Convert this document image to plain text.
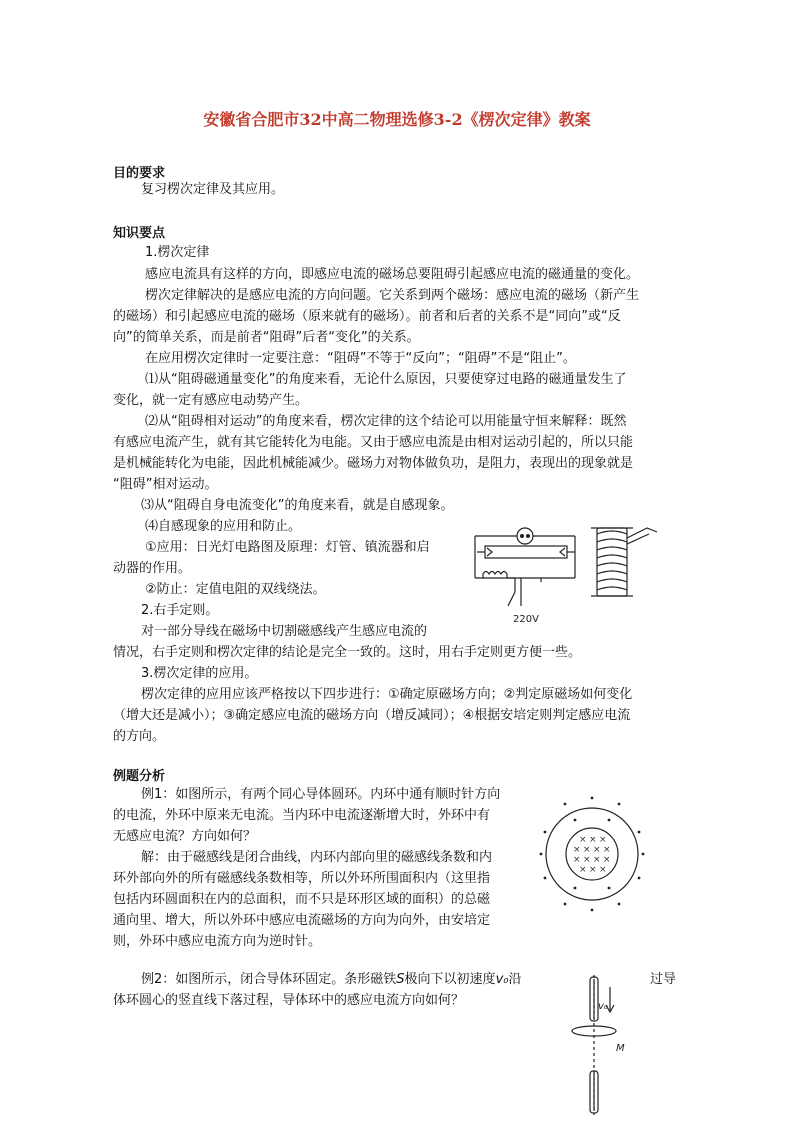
安徽省合肥市32中高二物理选修3-2《楞次定律》教案
目的要求
复习楞次定律及其应用。
知识要点
1.楞次定律
感应电流具有这样的方向，即感应电流的磁场总要阻碍引起感应电流的磁通量的变化。
楞次定律解决的是感应电流的方向问题。它关系到两个磁场：感应电流的磁场（新产生
的磁场）和引起感应电流的磁场（原来就有的磁场）。前者和后者的关系不是“同向”或“反
向”的简单关系，而是前者“阻碍”后者“变化”的关系。
在应用楞次定律时一定要注意：“阻碍”不等于“反向”；“阻碍”不是“阻止”。
⑴从“阻碍磁通量变化”的角度来看，无论什么原因，只要使穿过电路的磁通量发生了
变化，就一定有感应电动势产生。
⑵从“阻碍相对运动”的角度来看，楞次定律的这个结论可以用能量守恒来解释：既然
有感应电流产生，就有其它能转化为电能。又由于感应电流是由相对运动引起的，所以只能
是机械能转化为电能，因此机械能减少。磁场力对物体做负功，是阻力，表现出的现象就是
“阻碍”相对运动。
⑶从“阻碍自身电流变化”的角度来看，就是自感现象。
⑷自感现象的应用和防止。
①应用：日光灯电路图及原理：灯管、镇流器和启
动器的作用。
②防止：定值电阻的双线绕法。
2.右手定则。
对一部分导线在磁场中切割磁感线产生感应电流的
情况，右手定则和楞次定律的结论是完全一致的。这时，用右手定则更方便一些。
3.楞次定律的应用。
楞次定律的应用应该严格按以下四步进行：①确定原磁场方向；②判定原磁场如何变化
（增大还是减小）；③确定感应电流的磁场方向（增反减同）；④根据安培定则判定感应电流
的方向。
220V
例题分析
例1：如图所示，有两个同心导体圆环。内环中通有顺时针方向
的电流，外环中原来无电流。当内环中电流逐渐增大时，外环中有
无感应电流？方向如何？
解：由于磁感线是闭合曲线，内环内部向里的磁感线条数和内
环外部向外的所有磁感线条数相等，所以外环所围面积内（这里指
包括内环圆面积在内的总面积，而不只是环形区域的面积）的总磁
通向里、增大，所以外环中感应电流磁场的方向为向外，由安培定
则，外环中感应电流方向为逆时针。
× × ×
× × × ×
× × × ×
× × ×
例2：如图所示，闭合导体环固定。条形磁铁S极向下以初速度v₀沿	过导
体环圆心的竖直线下落过程，导体环中的感应电流方向如何？	v₀
M
